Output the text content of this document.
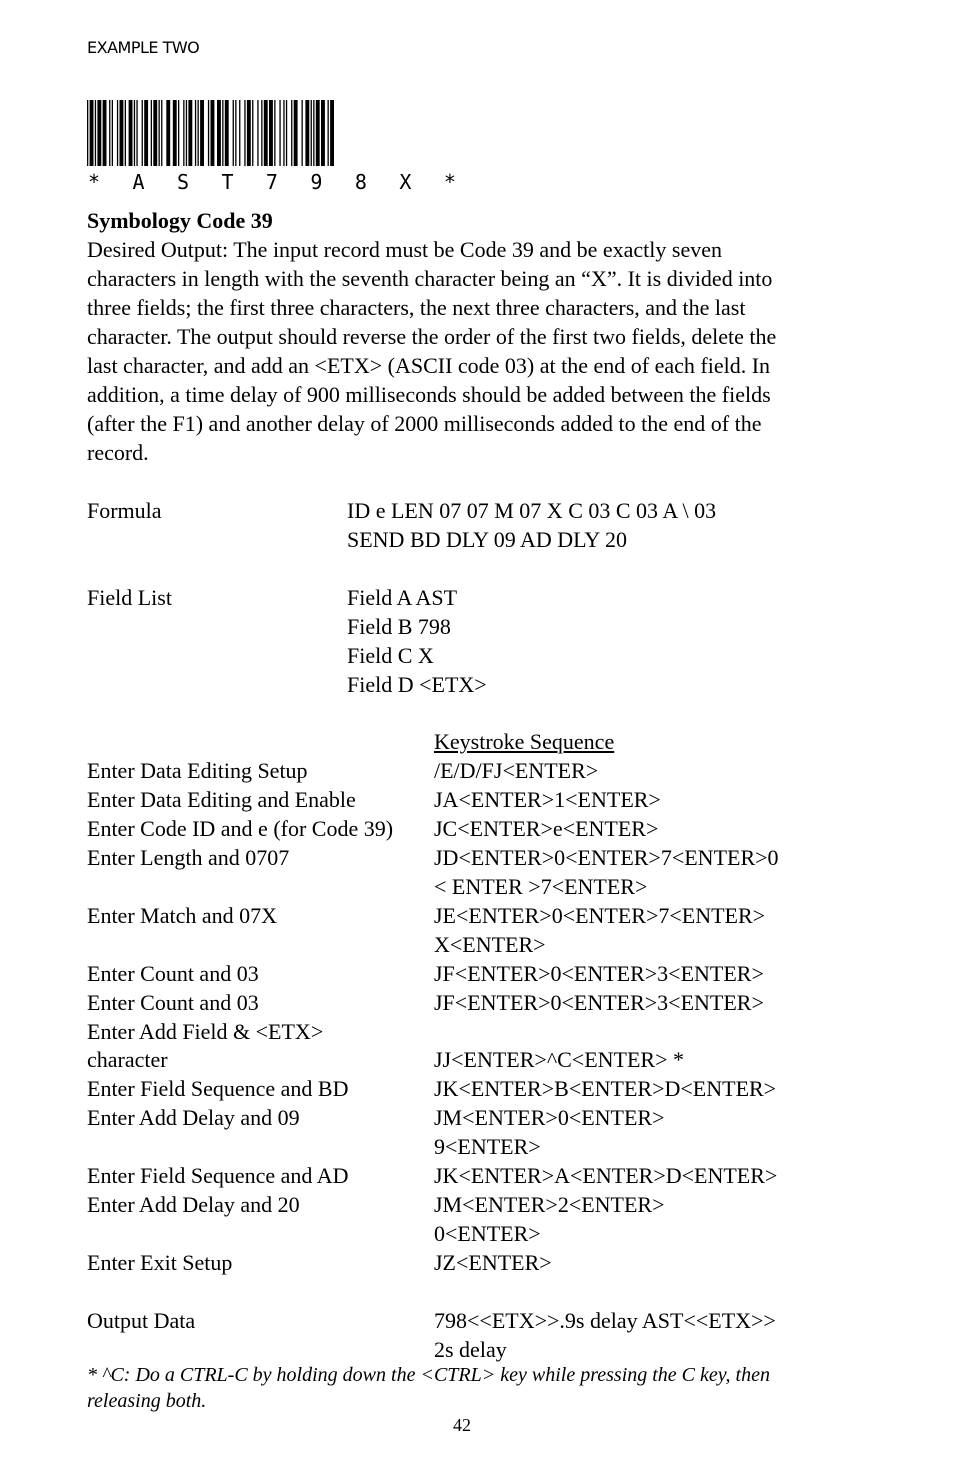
EXAMPLE TWO
* A S T 7 9 8 X *
Symbology Code 39
Desired Output: The input record must be Code 39 and be exactly seven
characters in length with the seventh character being an “X”. It is divided into
three fields; the first three characters, the next three characters, and the last
character. The output should reverse the order of the first two fields, delete the
last character, and add an <ETX> (ASCII code 03) at the end of each field. In
addition, a time delay of 900 milliseconds should be added between the fields
(after the F1) and another delay of 2000 milliseconds added to the end of the
record.
Formula	ID e LEN 07 07 M 07 X C 03 C 03 A \ 03
SEND BD DLY 09 AD DLY 20
Field List	Field A AST
Field B 798
Field C X
Field D <ETX>
Keystroke Sequence
Enter Data Editing Setup	/E/D/FJ<ENTER>
Enter Data Editing and Enable	JA<ENTER>1<ENTER>
Enter Code ID and e (for Code 39) JC<ENTER>e<ENTER>
Enter Length and 0707	JD<ENTER>0<ENTER>7<ENTER>0
< ENTER >7<ENTER>
Enter Match and 07X	JE<ENTER>0<ENTER>7<ENTER>
X<ENTER>
Enter Count and 03	JF<ENTER>0<ENTER>3<ENTER>
Enter Count and 03	JF<ENTER>0<ENTER>3<ENTER>
Enter Add Field & <ETX>
character	JJ<ENTER>^C<ENTER> *
Enter Field Sequence and BD	JK<ENTER>B<ENTER>D<ENTER>
Enter Add Delay and 09	JM<ENTER>0<ENTER>
9<ENTER>
Enter Field Sequence and AD	JK<ENTER>A<ENTER>D<ENTER>
Enter Add Delay and 20	JM<ENTER>2<ENTER>
0<ENTER>
Enter Exit Setup	JZ<ENTER>
Output Data	798<<ETX>>.9s delay AST<<ETX>>
2s delay
* ^C: Do a CTRL-C by holding down the <CTRL> key while pressing the C key, then
releasing both.
42
